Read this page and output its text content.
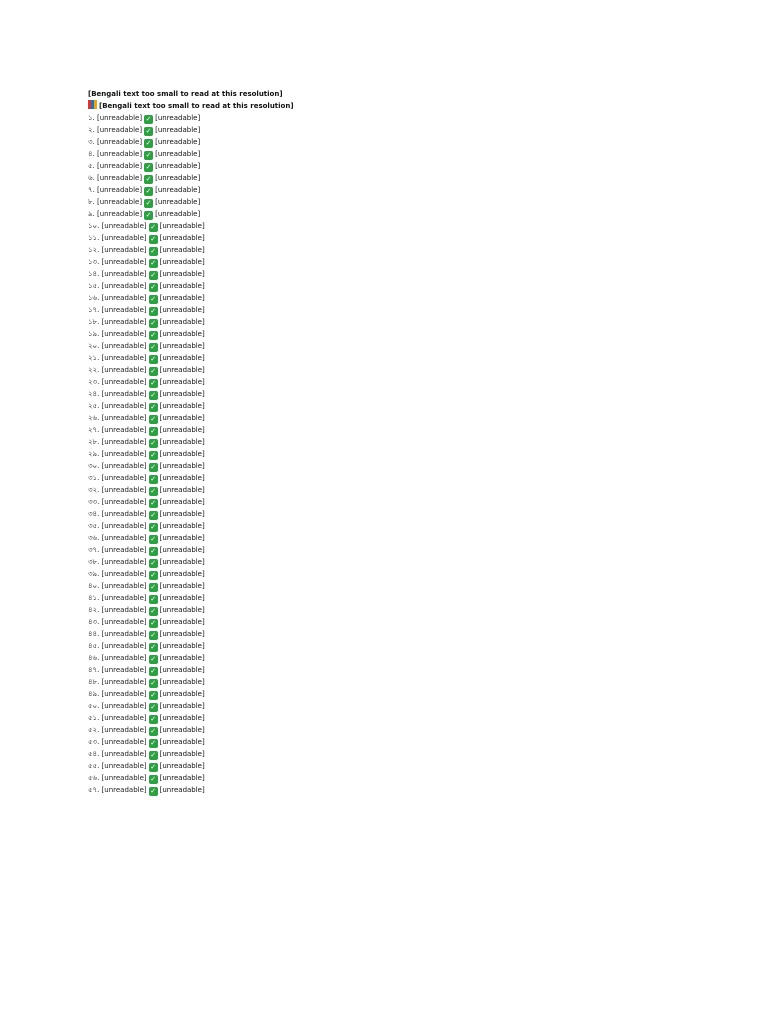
[Bengali text too small to read at this resolution]
[Bengali text too small to read at this resolution]
১. [unreadable] ✓ [unreadable]
২. [unreadable] ✓ [unreadable]
৩. [unreadable] ✓ [unreadable]
৪. [unreadable] ✓ [unreadable]
৫. [unreadable] ✓ [unreadable]
৬. [unreadable] ✓ [unreadable]
৭. [unreadable] ✓ [unreadable]
৮. [unreadable] ✓ [unreadable]
৯. [unreadable] ✓ [unreadable]
১০. [unreadable] ✓ [unreadable]
১১. [unreadable] ✓ [unreadable]
১২. [unreadable] ✓ [unreadable]
১৩. [unreadable] ✓ [unreadable]
১৪. [unreadable] ✓ [unreadable]
১৫. [unreadable] ✓ [unreadable]
১৬. [unreadable] ✓ [unreadable]
১৭. [unreadable] ✓ [unreadable]
১৮. [unreadable] ✓ [unreadable]
১৯. [unreadable] ✓ [unreadable]
২০. [unreadable] ✓ [unreadable]
২১. [unreadable] ✓ [unreadable]
২২. [unreadable] ✓ [unreadable]
২৩. [unreadable] ✓ [unreadable]
২৪. [unreadable] ✓ [unreadable]
২৫. [unreadable] ✓ [unreadable]
২৬. [unreadable] ✓ [unreadable]
২৭. [unreadable] ✓ [unreadable]
২৮. [unreadable] ✓ [unreadable]
২৯. [unreadable] ✓ [unreadable]
৩০. [unreadable] ✓ [unreadable]
৩১. [unreadable] ✓ [unreadable]
৩২. [unreadable] ✓ [unreadable]
৩৩. [unreadable] ✓ [unreadable]
৩৪. [unreadable] ✓ [unreadable]
৩৫. [unreadable] ✓ [unreadable]
৩৬. [unreadable] ✓ [unreadable]
৩৭. [unreadable] ✓ [unreadable]
৩৮. [unreadable] ✓ [unreadable]
৩৯. [unreadable] ✓ [unreadable]
৪০. [unreadable] ✓ [unreadable]
৪১. [unreadable] ✓ [unreadable]
৪২. [unreadable] ✓ [unreadable]
৪৩. [unreadable] ✓ [unreadable]
৪৪. [unreadable] ✓ [unreadable]
৪৫. [unreadable] ✓ [unreadable]
৪৬. [unreadable] ✓ [unreadable]
৪৭. [unreadable] ✓ [unreadable]
৪৮. [unreadable] ✓ [unreadable]
৪৯. [unreadable] ✓ [unreadable]
৫০. [unreadable] ✓ [unreadable]
৫১. [unreadable] ✓ [unreadable]
৫২. [unreadable] ✓ [unreadable]
৫৩. [unreadable] ✓ [unreadable]
৫৪. [unreadable] ✓ [unreadable]
৫৫. [unreadable] ✓ [unreadable]
৫৬. [unreadable] ✓ [unreadable]
৫৭. [unreadable] ✓ [unreadable]
